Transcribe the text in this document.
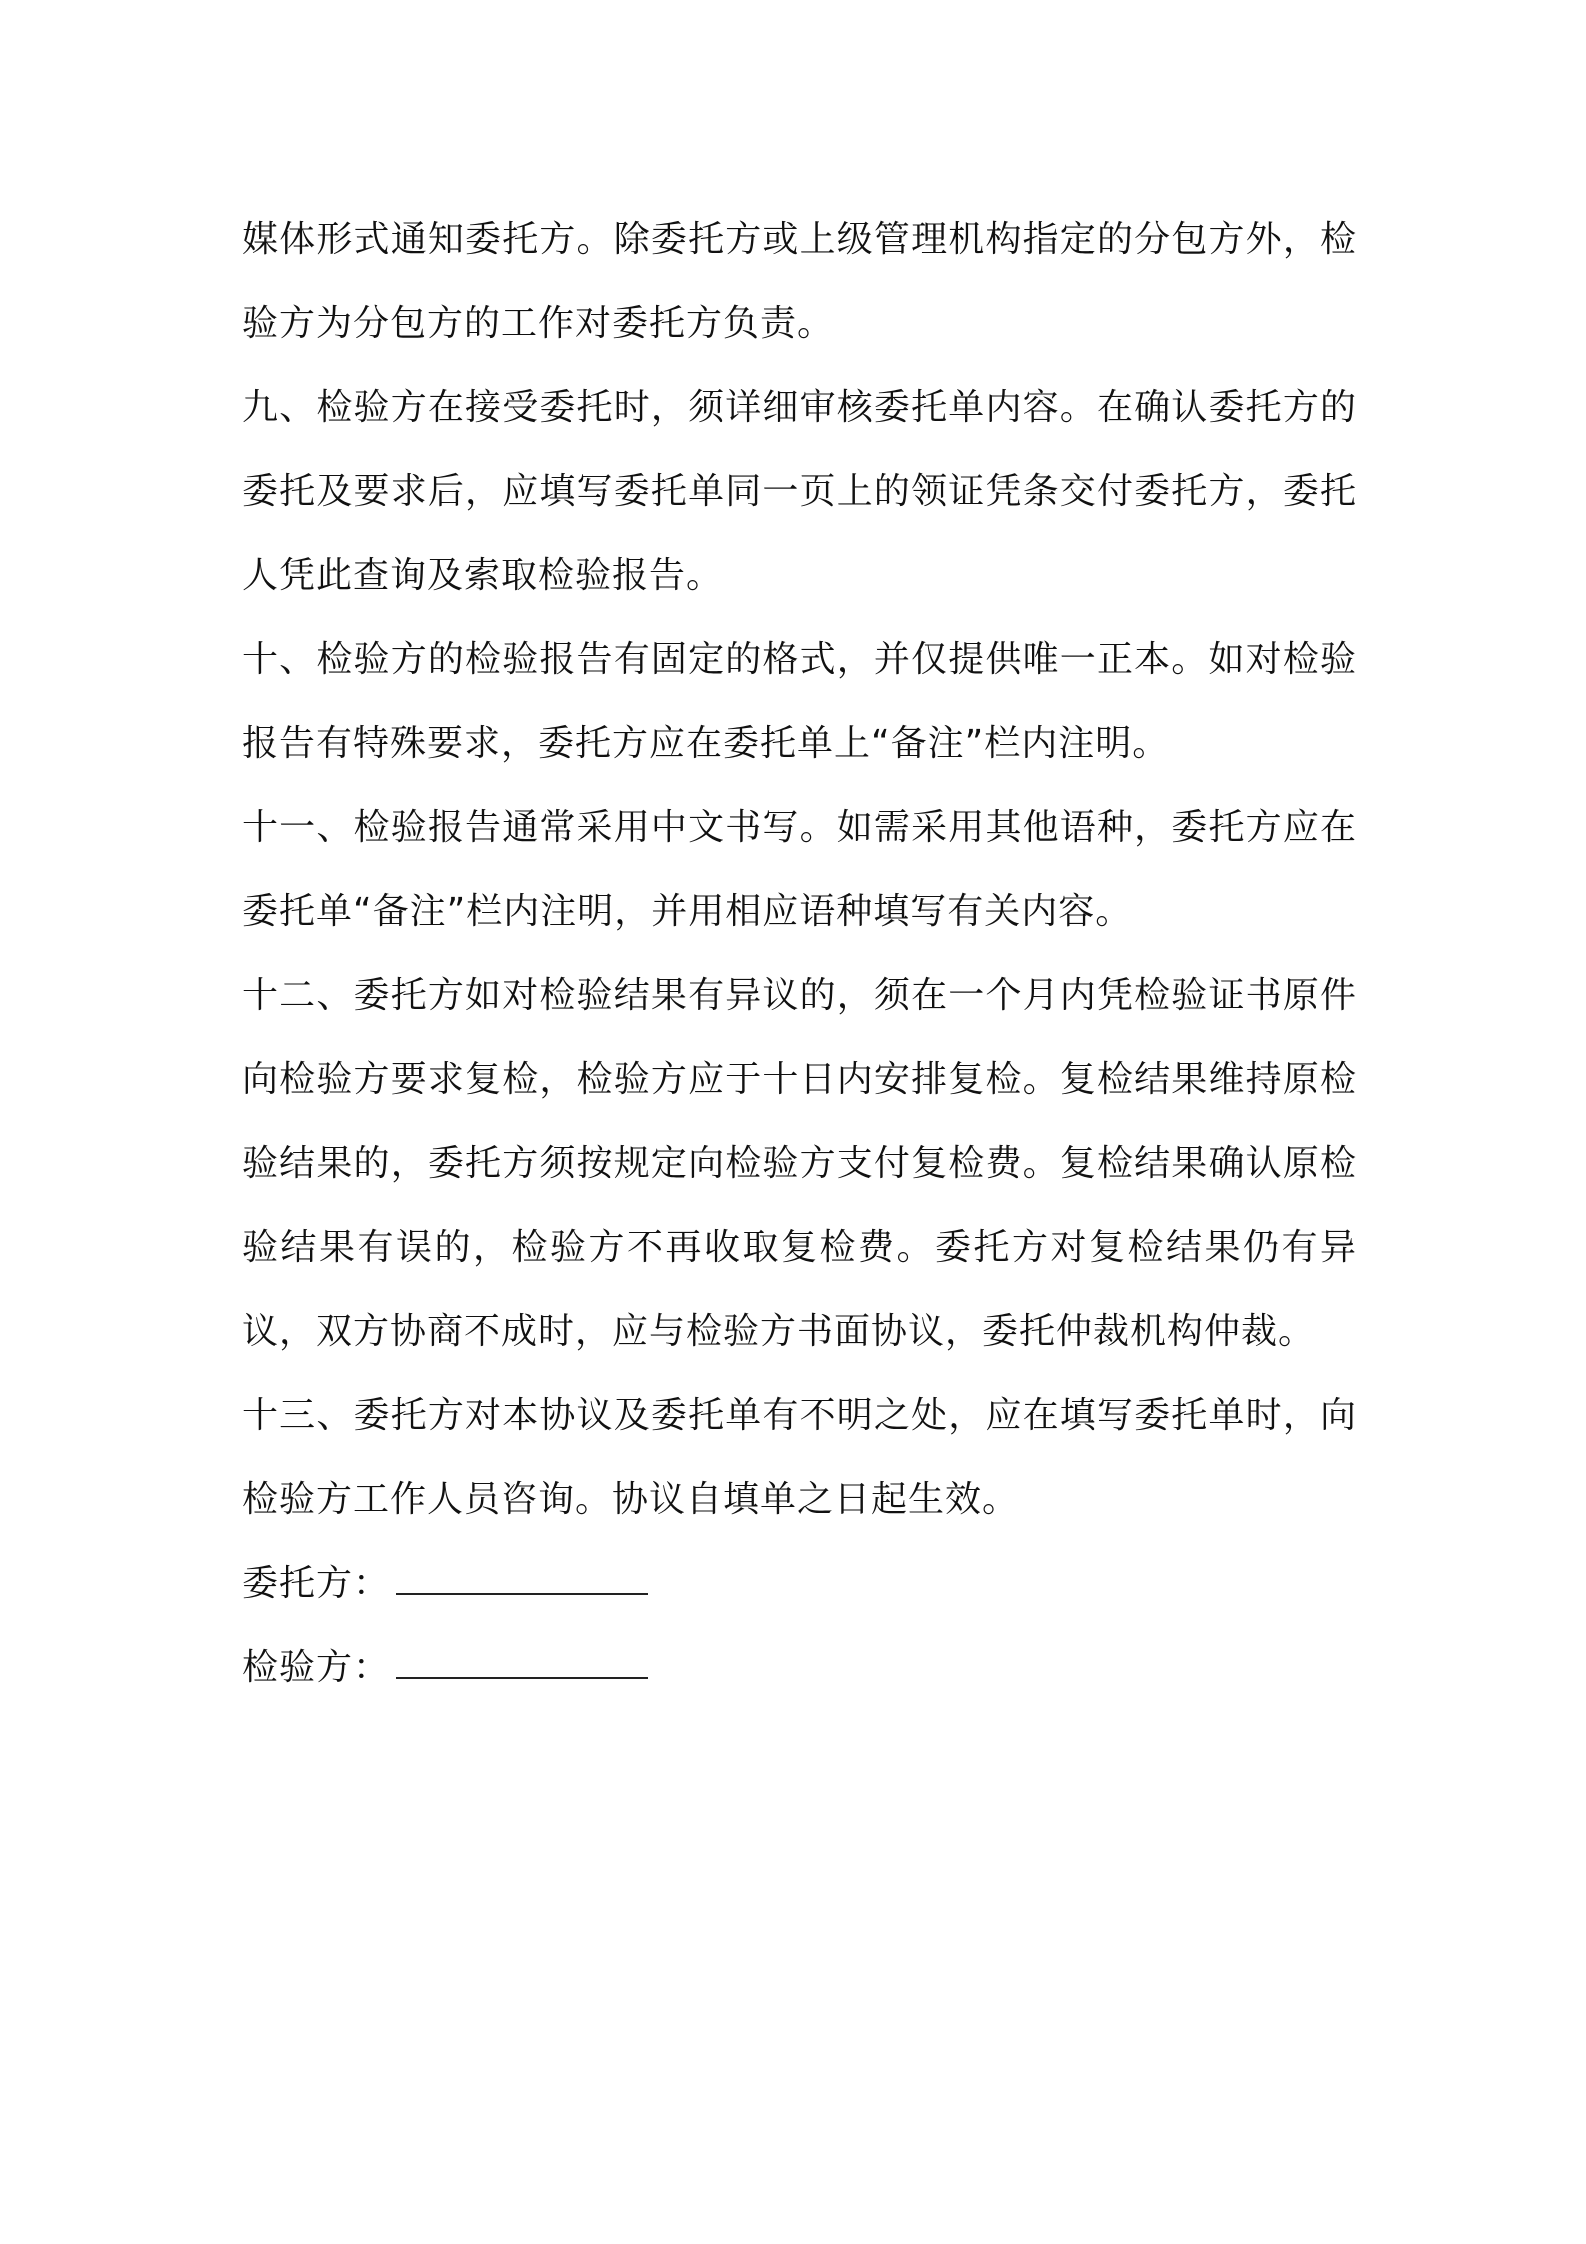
媒体形式通知委托方。除委托方或上级管理机构指定的分包方外，检验方为分包方的工作对委托方负责。

九、检验方在接受委托时，须详细审核委托单内容。在确认委托方的委托及要求后，应填写委托单同一页上的领证凭条交付委托方，委托人凭此查询及索取检验报告。

十、检验方的检验报告有固定的格式，并仅提供唯一正本。如对检验报告有特殊要求，委托方应在委托单上“备注”栏内注明。

十一、检验报告通常采用中文书写。如需采用其他语种，委托方应在委托单“备注”栏内注明，并用相应语种填写有关内容。

十二、委托方如对检验结果有异议的，须在一个月内凭检验证书原件向检验方要求复检，检验方应于十日内安排复检。复检结果维持原检验结果的，委托方须按规定向检验方支付复检费。复检结果确认原检验结果有误的，检验方不再收取复检费。委托方对复检结果仍有异议，双方协商不成时，应与检验方书面协议，委托仲裁机构仲裁。

十三、委托方对本协议及委托单有不明之处，应在填写委托单时，向检验方工作人员咨询。协议自填单之日起生效。

委托方：
检验方：
